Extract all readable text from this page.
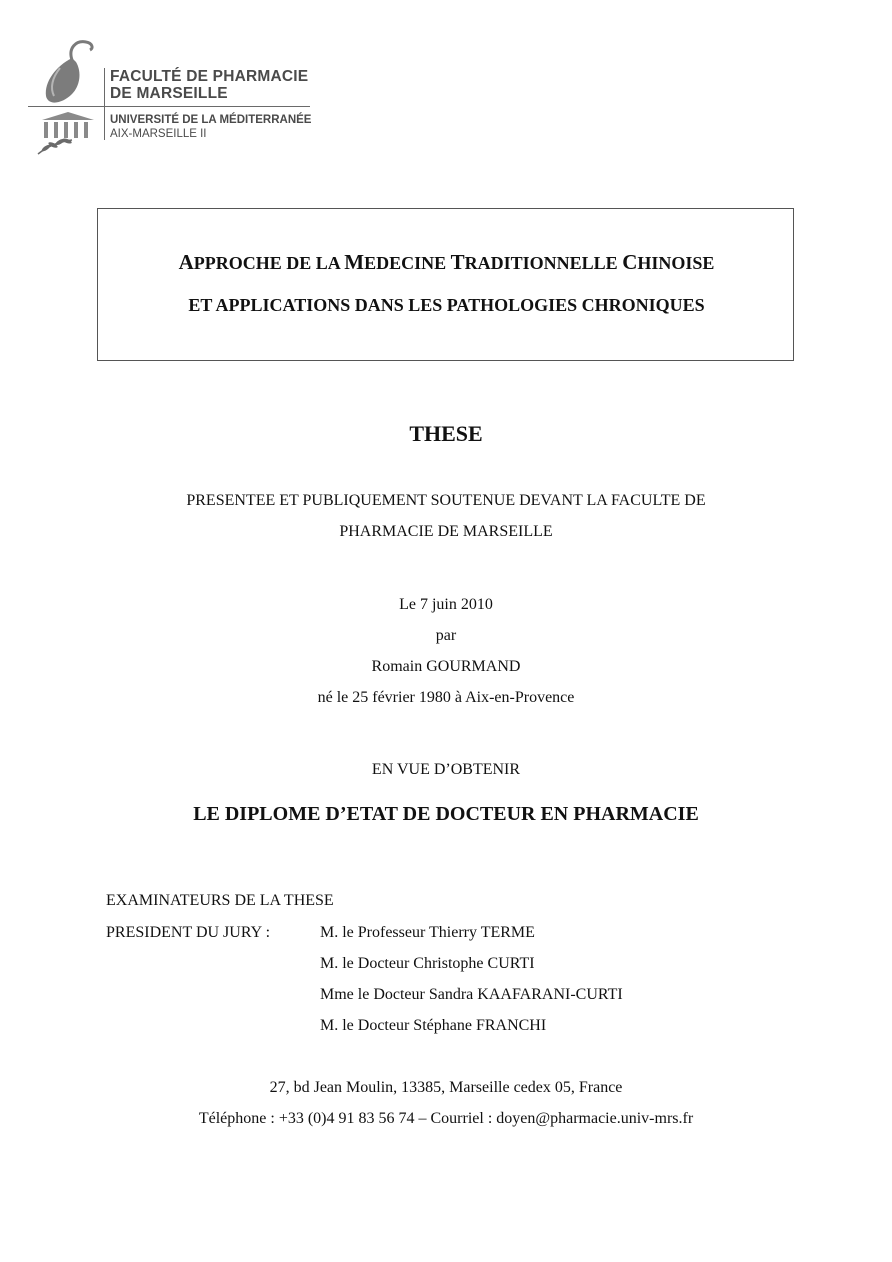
FACULTÉ DE PHARMACIE
DE MARSEILLE
UNIVERSITÉ DE LA MÉDITERRANÉE
AIX-MARSEILLE II
APPROCHE DE LA MEDECINE TRADITIONNELLE CHINOISE
ET APPLICATIONS DANS LES PATHOLOGIES CHRONIQUES
THESE
PRESENTEE ET PUBLIQUEMENT SOUTENUE DEVANT LA FACULTE DE
PHARMACIE DE MARSEILLE
Le 7 juin 2010
par
Romain GOURMAND
né le 25 février 1980 à Aix-en-Provence
EN VUE D’OBTENIR
LE DIPLOME D’ETAT DE DOCTEUR EN PHARMACIE
EXAMINATEURS DE LA THESE
PRESIDENT DU JURY :	M. le Professeur Thierry TERME
M. le Docteur Christophe CURTI
Mme le Docteur Sandra KAAFARANI-CURTI
M. le Docteur Stéphane FRANCHI
27, bd Jean Moulin, 13385, Marseille cedex 05, France
Téléphone : +33 (0)4 91 83 56 74 – Courriel : doyen@pharmacie.univ-mrs.fr
